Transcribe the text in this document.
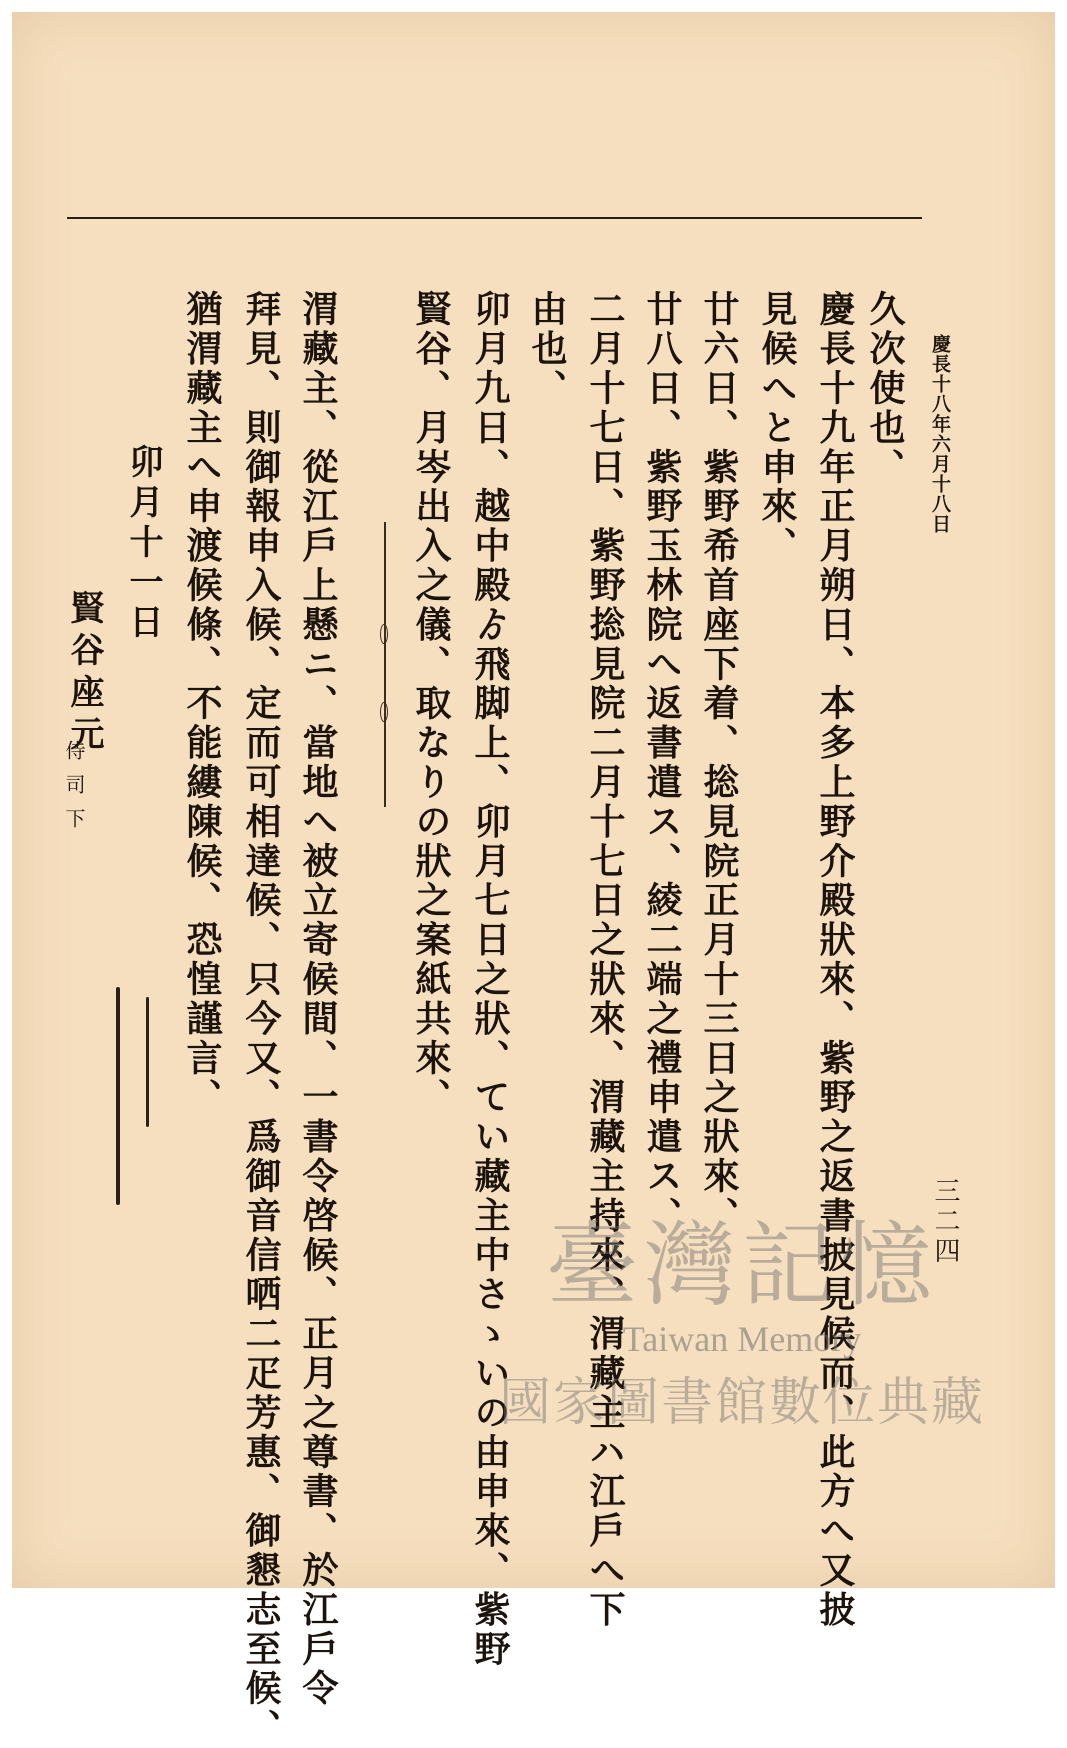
慶長十八年六月十八日
三二四
久次使也、
慶長十九年正月朔日、本多上野介殿狀來、紫野之返書披見候而、此方へ又披
見候へと申來、
廿六日、紫野希首座下着、捴見院正月十三日之狀來、
廿八日、紫野玉林院へ返書遣ス、綾二端之禮申遣ス、
二月十七日、紫野捴見院二月十七日之狀來、渭藏主持來、渭藏主ハ江戶へ下
由也、
卯月九日、越中殿ゟ飛脚上、卯月七日之狀、てい藏主中さゝいの由申來、紫野
賢谷、月岑出入之儀、取なりの狀之案紙共來、
渭藏主、從江戶上懸ニ、當地へ被立寄候間、一書令啓候、正月之尊書、於江戶令
拜見、則御報申入候、定而可相達候、只今又、爲御音信哂二疋芳惠、御懇志至候、
猶渭藏主へ申渡候條、不能縷陳候、恐惶謹言、
卯月十一日
賢谷座元
侍司下
臺灣記憶
Taiwan Memory
國家圖書館數位典藏
